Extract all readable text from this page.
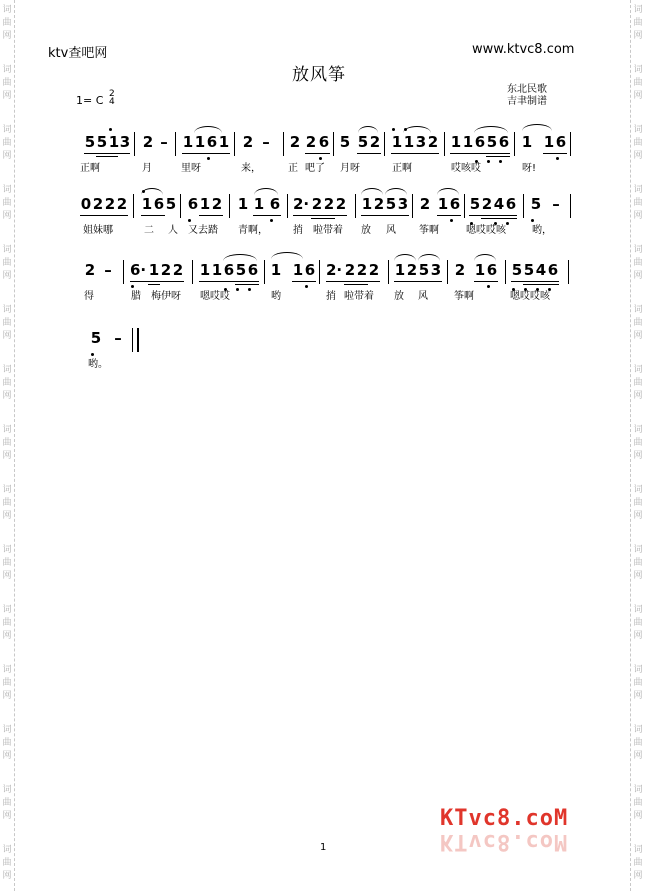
词
曲
网
词
曲
网
词
曲
网
词
曲
网
词
曲
网
词
曲
网
词
曲
网
词
曲
网
词
曲
网
词
曲
网
词
曲
网
词
曲
网
词
曲
网
词
曲
网
词
曲
网
词
曲
网
词
曲
网
词
曲
网
词
曲
网
词
曲
网
词
曲
网
词
曲
网
词
曲
网
词
曲
网
词
曲
网
词
曲
网
词
曲
网
词
曲
网
词
曲
网
词
曲
网
ktv查吧网	www.ktvc8.com
放风筝
东北民歌
吉聿制谱
1= C 2
4
5 5 1 3 2 – 1 1 6 1 2 – 2 2 6 5 5 2 1 1 3 2 1 1 6 5 6 1 1 6
正啊	月	里呀	来，	正 吧了 月呀	正啊	哎咳哎	呀!
0 2 2 2 1 6 5 6 1 2 1 1 6 2· 2 2 2 1 2 5 3 2 1 6 5 2 4 6 5 –
姐妹哪	二 人 又去踏 青啊，	捎 啦带着 放 风 筝啊	嗯哎哎咳	哟，
2 – 6· 1 2 2 1 1 6 5 6 1 1 6 2· 2 2 2 1 2 5 3 2 1 6 5 5 4 6
得	腊 梅伊呀 嗯哎哎	哟	捎 啦带着 放 风	筝啊	嗯哎哎咳
5 –
哟。
1
KTvc8.coM
KTvc8.coM
